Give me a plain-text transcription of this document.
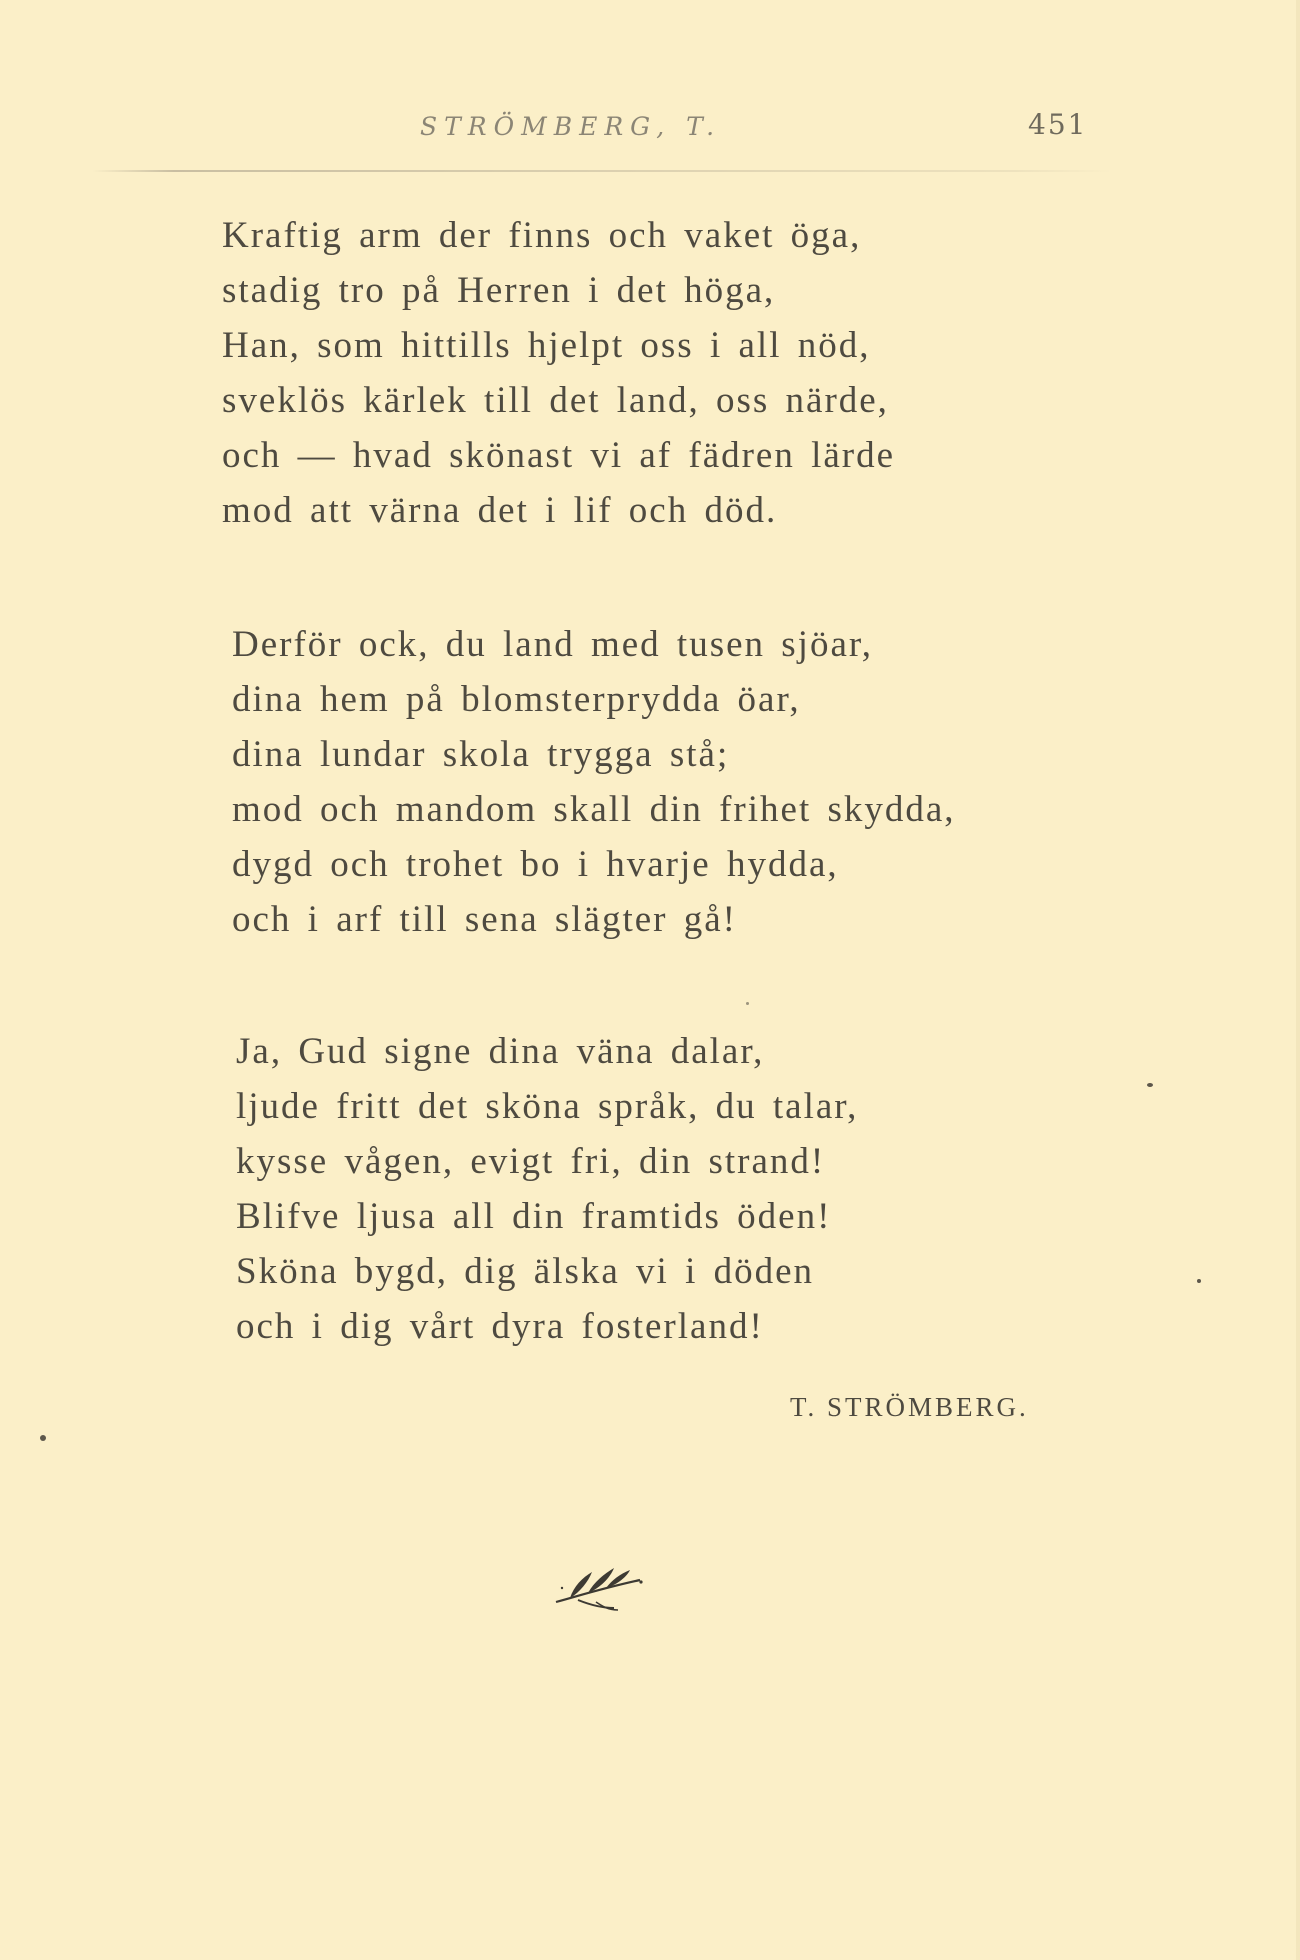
STRÖMBERG, T.	451
Kraftig arm der finns och vaket öga,
stadig tro på Herren i det höga,
Han, som hittills hjelpt oss i all nöd,
sveklös kärlek till det land, oss närde,
och — hvad skönast vi af fädren lärde
mod att värna det i lif och död.
Derför ock, du land med tusen sjöar,
dina hem på blomsterprydda öar,
dina lundar skola trygga stå;
mod och mandom skall din frihet skydda,
dygd och trohet bo i hvarje hydda,
och i arf till sena slägter gå!
Ja, Gud signe dina väna dalar,
ljude fritt det sköna språk, du talar,
kysse vågen, evigt fri, din strand!
Blifve ljusa all din framtids öden!
Sköna bygd, dig älska vi i döden
och i dig vårt dyra fosterland!
T. STRÖMBERG.
